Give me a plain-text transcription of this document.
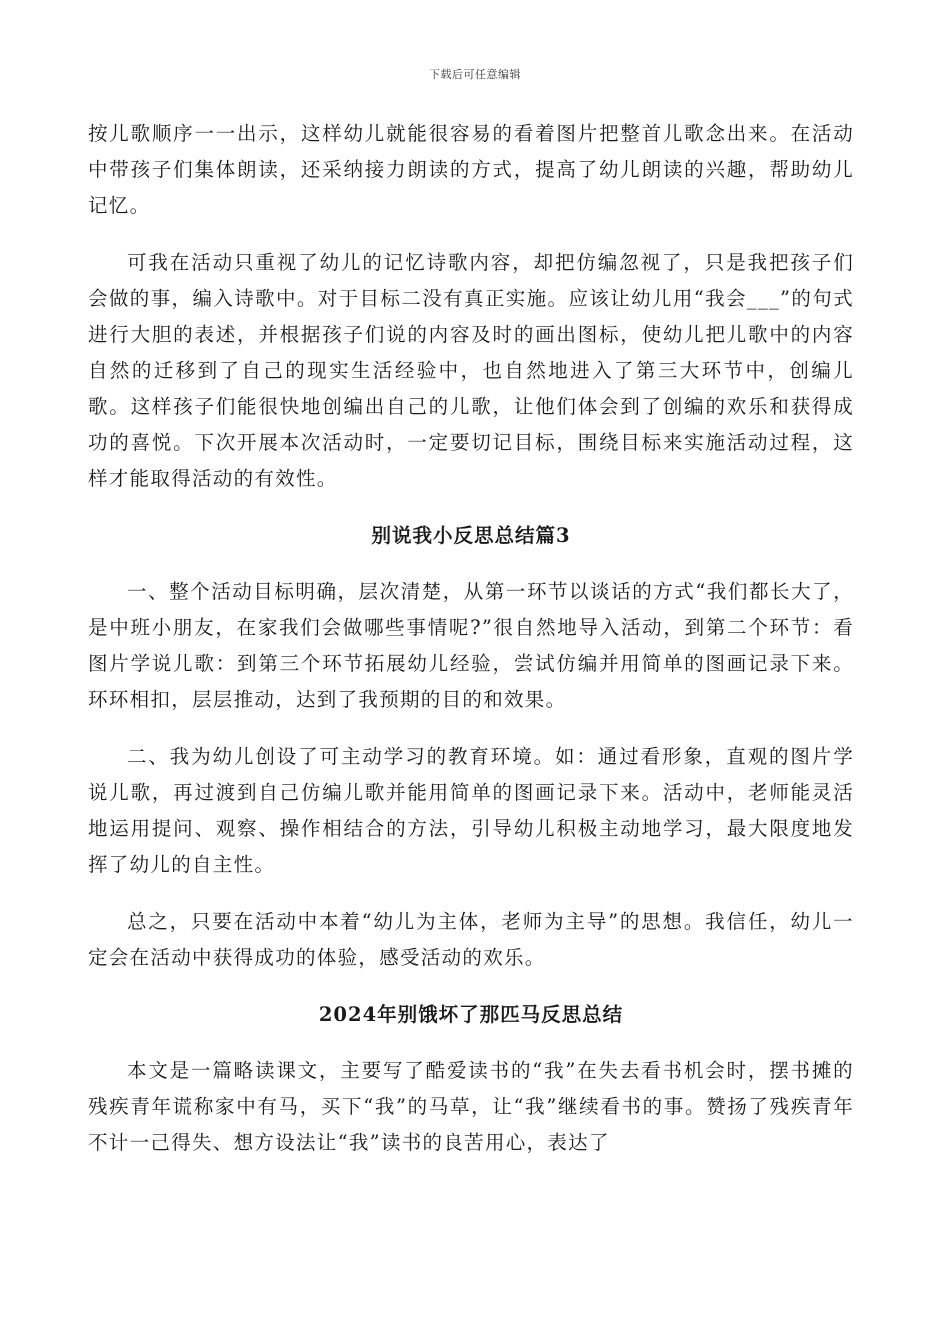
下载后可任意编辑

按儿歌顺序一一出示，这样幼儿就能很容易的看着图片把整首儿歌念出来。在活动中带孩子们集体朗读，还采纳接力朗读的方式，提高了幼儿朗读的兴趣，帮助幼儿记忆。

可我在活动只重视了幼儿的记忆诗歌内容，却把仿编忽视了，只是我把孩子们会做的事，编入诗歌中。对于目标二没有真正实施。应该让幼儿用“我会___”的句式进行大胆的表述，并根据孩子们说的内容及时的画出图标，使幼儿把儿歌中的内容自然的迁移到了自己的现实生活经验中，也自然地进入了第三大环节中，创编儿歌。这样孩子们能很快地创编出自己的儿歌，让他们体会到了创编的欢乐和获得成功的喜悦。下次开展本次活动时，一定要切记目标，围绕目标来实施活动过程，这样才能取得活动的有效性。

别说我小反思总结篇3

一、整个活动目标明确，层次清楚，从第一环节以谈话的方式“我们都长大了，是中班小朋友，在家我们会做哪些事情呢?”很自然地导入活动，到第二个环节：看图片学说儿歌：到第三个环节拓展幼儿经验，尝试仿编并用简单的图画记录下来。环环相扣，层层推动，达到了我预期的目的和效果。

二、我为幼儿创设了可主动学习的教育环境。如：通过看形象，直观的图片学说儿歌，再过渡到自己仿编儿歌并能用简单的图画记录下来。活动中，老师能灵活地运用提问、观察、操作相结合的方法，引导幼儿积极主动地学习，最大限度地发挥了幼儿的自主性。

总之，只要在活动中本着“幼儿为主体，老师为主导”的思想。我信任，幼儿一定会在活动中获得成功的体验，感受活动的欢乐。

2024年别饿坏了那匹马反思总结

本文是一篇略读课文，主要写了酷爱读书的“我”在失去看书机会时，摆书摊的残疾青年谎称家中有马，买下“我”的马草，让“我”继续看书的事。赞扬了残疾青年不计一己得失、想方设法让“我”读书的良苦用心，表达了
